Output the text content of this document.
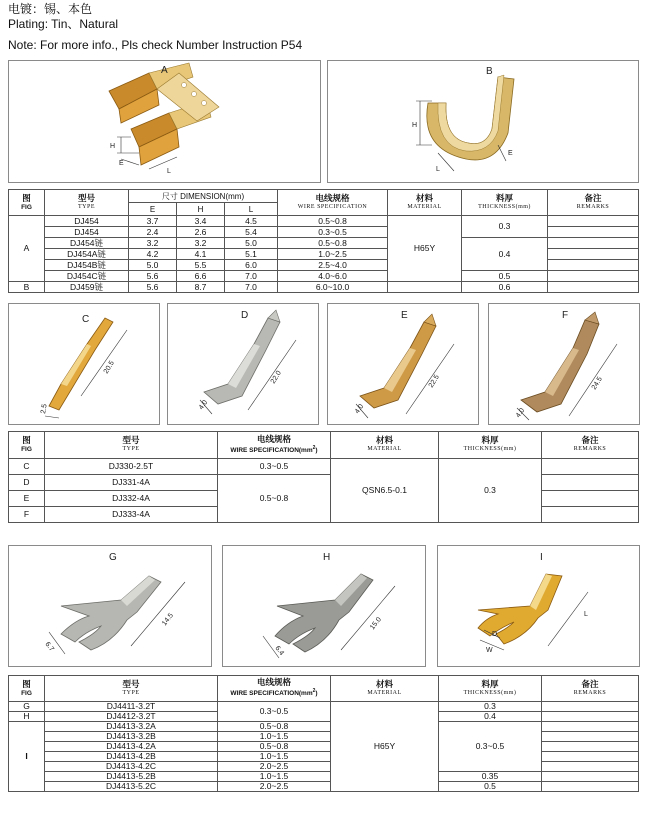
电镀：锡、本色
Plating: Tin、Natural
Note: For more info., Pls check Number Instruction P54
A
H
E
L
B
H
L
E
图
FIG	型号
TYPE	尺寸 DIMENSION(mm)			电线规格
WIRE SPECIFICATION	材料
MATERIAL	料厚
THICKNESS(mm)	备注
REMARKS

		E	H	L				
A	DJ454	3.7	3.4	4.5	0.5~0.8	H65Y	0.3	
	DJ454	2.4	2.6	5.4	0.3~0.5			
	DJ454链	3.2	3.2	5.0	0.5~0.8		0.4	
	DJ454A链	4.2	4.1	5.1	1.0~2.5			
	DJ454B链	5.0	5.5	6.0	2.5~4.0			
	DJ454C链	5.6	6.6	7.0	4.0~6.0		0.5	
B	DJ459链	5.6	8.7	7.0	6.0~10.0		0.6	
C
20.5
2.5
D
22.0
4.0
E
22.5
4.0
F
24.5
4.0
图
FIG	型号
TYPE	电线规格
WIRE $SPECIFICATION(mm^2)$	材料
MATERIAL	料厚
THICKNESS(mm)	备注
REMARKS

C	DJ330-2.5T	0.3~0.5	QSN6.5-0.1	0.3	
D	DJ331-4A	0.5~0.8			
E	DJ332-4A				
F	DJ333-4A				
G
14.5
6.7
H
15.0
6.4
I
L
D
W
图
FIG	型号
TYPE	电线规格
WIRE $SPECIFICATION(mm^2)$	材料
MATERIAL	料厚
THICKNESS(mm)	备注
REMARKS

G	DJ4411-3.2T	0.3~0.5	H65Y	0.3	
H	DJ4412-3.2T			0.4	
I	DJ4413-3.2A	0.5~0.8		0.3~0.5	
	DJ4413-3.2B	1.0~1.5			
	DJ4413-4.2A	0.5~0.8			
	DJ4413-4.2B	1.0~1.5			
	DJ4413-4.2C	2.0~2.5			
	DJ4413-5.2B	1.0~1.5		0.35	
	DJ4413-5.2C	2.0~2.5		0.5	
